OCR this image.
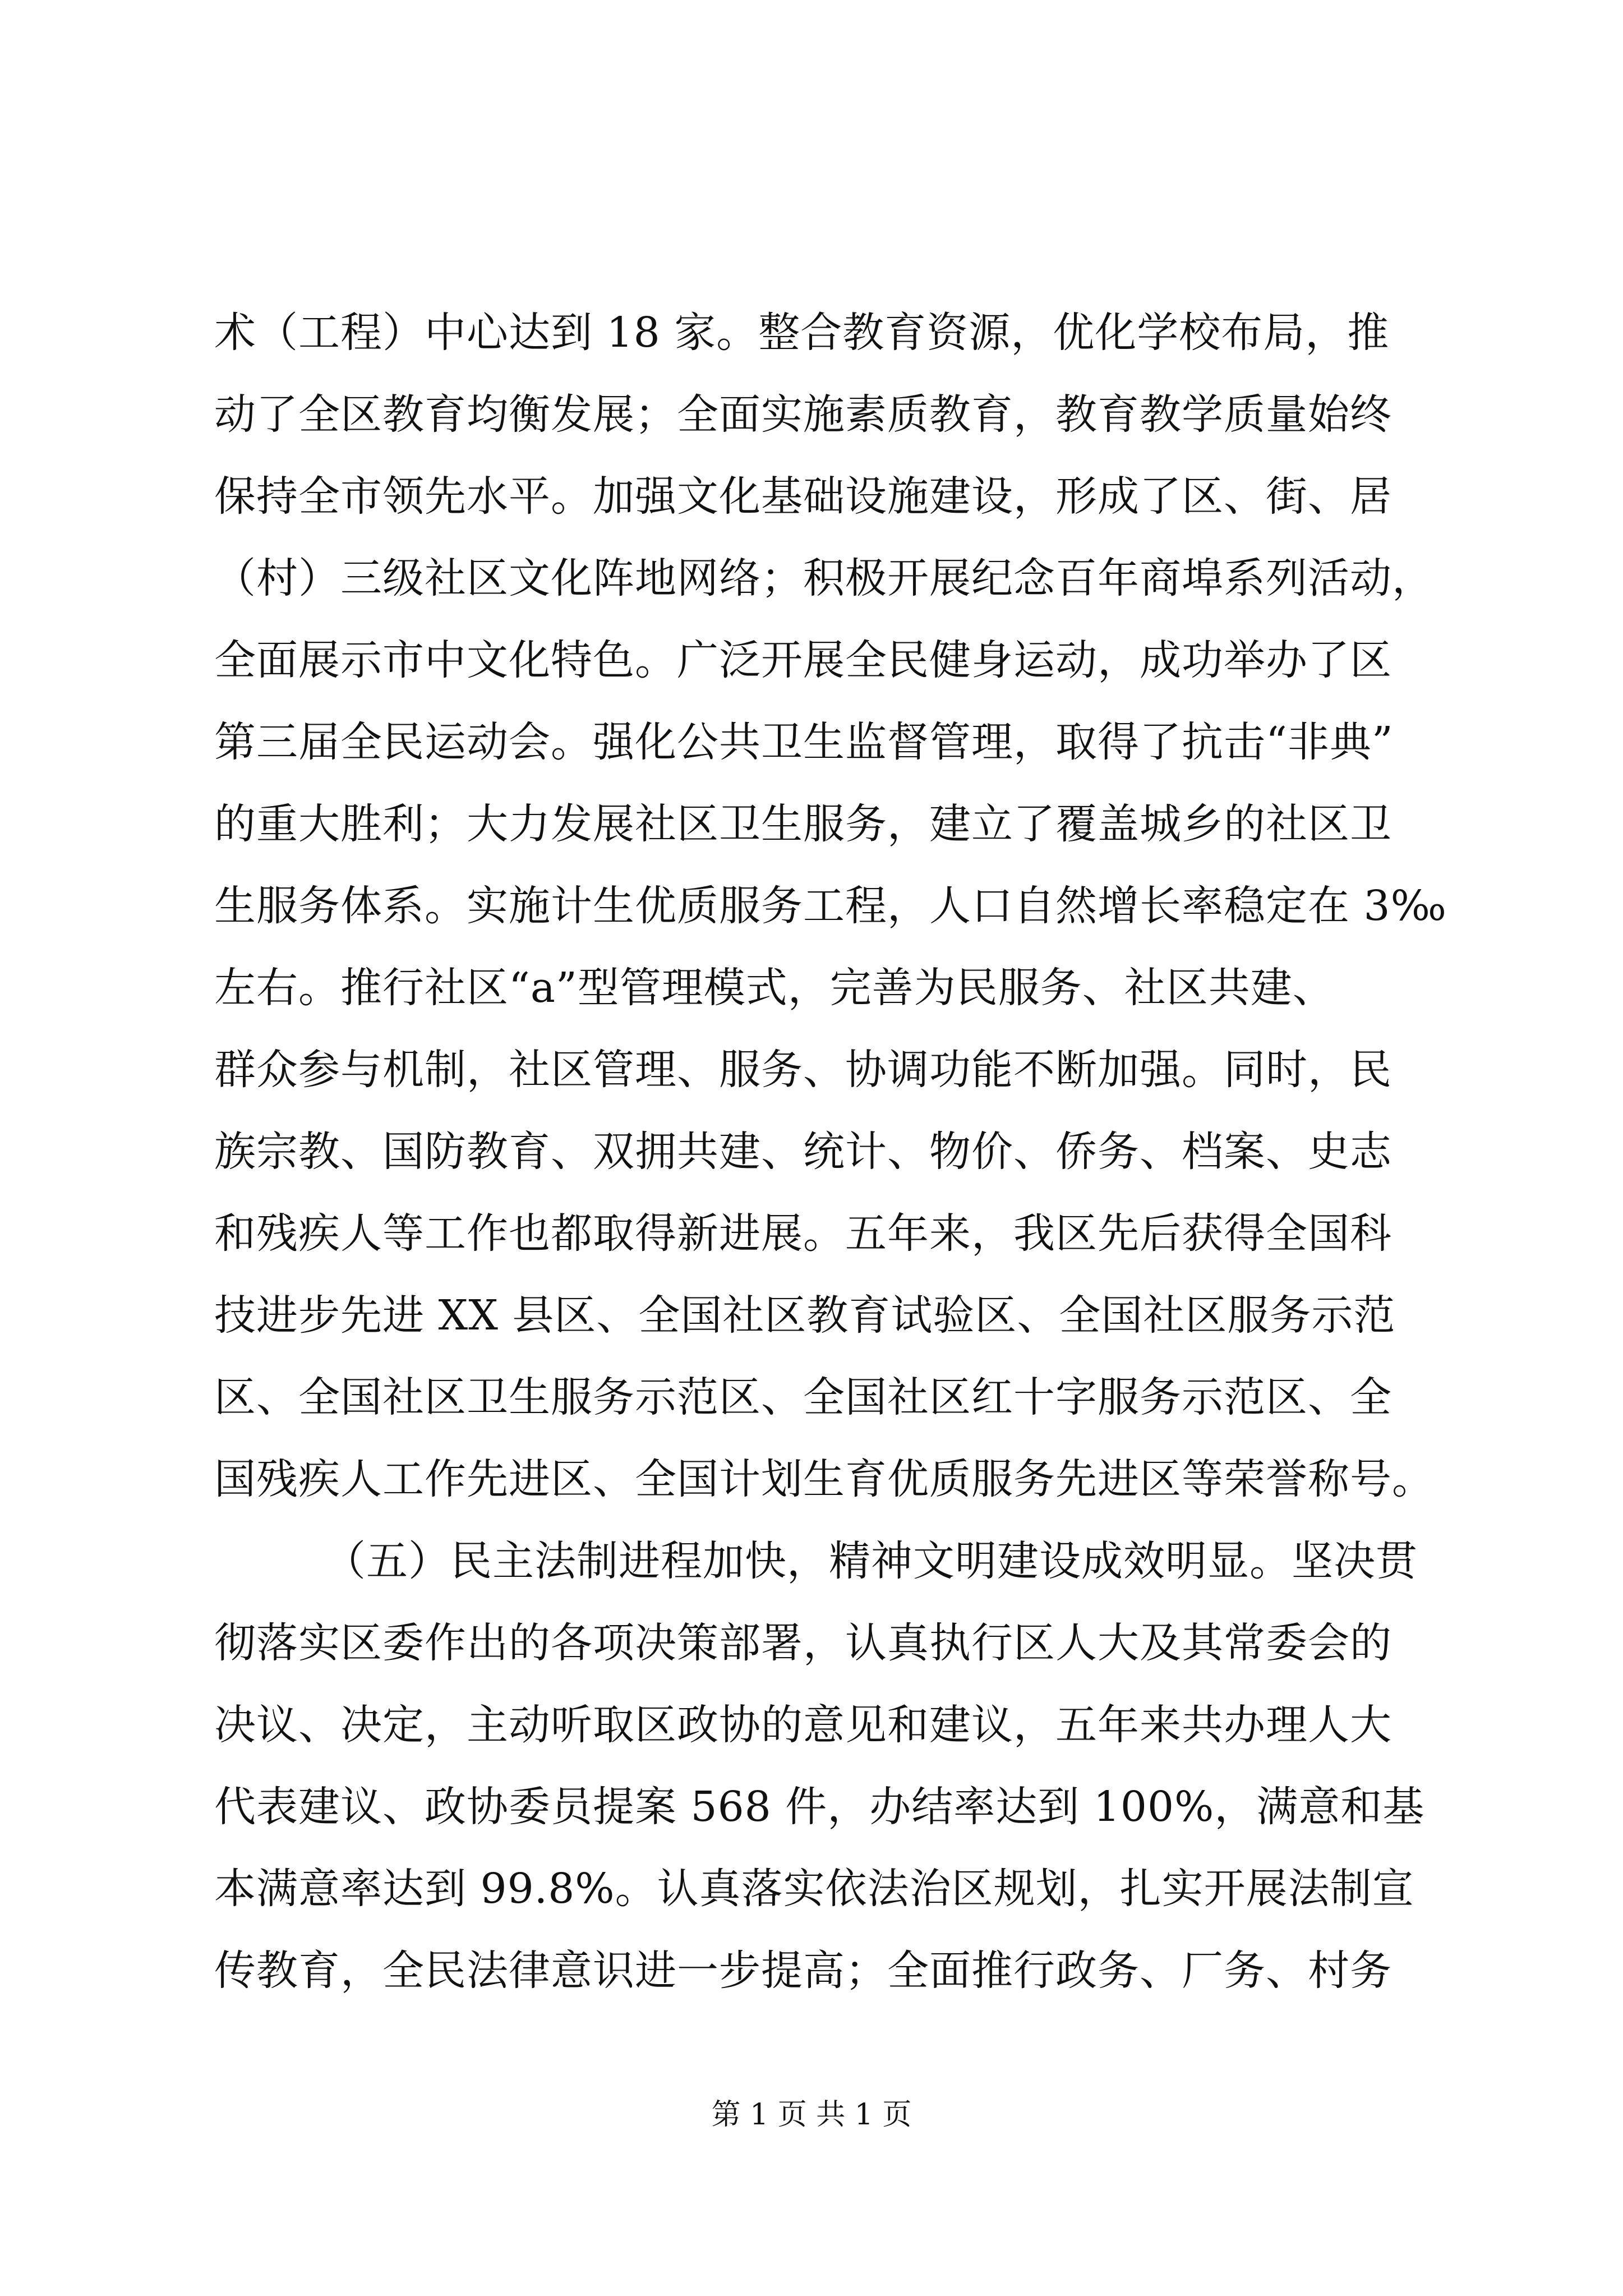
术（工程）中心达到 18 家。整合教育资源，优化学校布局，推
动了全区教育均衡发展；全面实施素质教育，教育教学质量始终
保持全市领先水平。加强文化基础设施建设，形成了区、街、居
（村）三级社区文化阵地网络；积极开展纪念百年商埠系列活动，
全面展示市中文化特色。广泛开展全民健身运动，成功举办了区
第三届全民运动会。强化公共卫生监督管理，取得了抗击“非典”
的重大胜利；大力发展社区卫生服务，建立了覆盖城乡的社区卫
生服务体系。实施计生优质服务工程，人口自然增长率稳定在 3‰
左右。推行社区“a”型管理模式，完善为民服务、社区共建、
群众参与机制，社区管理、服务、协调功能不断加强。同时，民
族宗教、国防教育、双拥共建、统计、物价、侨务、档案、史志
和残疾人等工作也都取得新进展。五年来，我区先后获得全国科
技进步先进 XX 县区、全国社区教育试验区、全国社区服务示范
区、全国社区卫生服务示范区、全国社区红十字服务示范区、全
国残疾人工作先进区、全国计划生育优质服务先进区等荣誉称号。
（五）民主法制进程加快，精神文明建设成效明显。坚决贯
彻落实区委作出的各项决策部署，认真执行区人大及其常委会的
决议、决定，主动听取区政协的意见和建议，五年来共办理人大
代表建议、政协委员提案 568 件，办结率达到 100%，满意和基
本满意率达到 99.8%。认真落实依法治区规划，扎实开展法制宣
传教育，全民法律意识进一步提高；全面推行政务、厂务、村务
第 1 页 共 1 页
